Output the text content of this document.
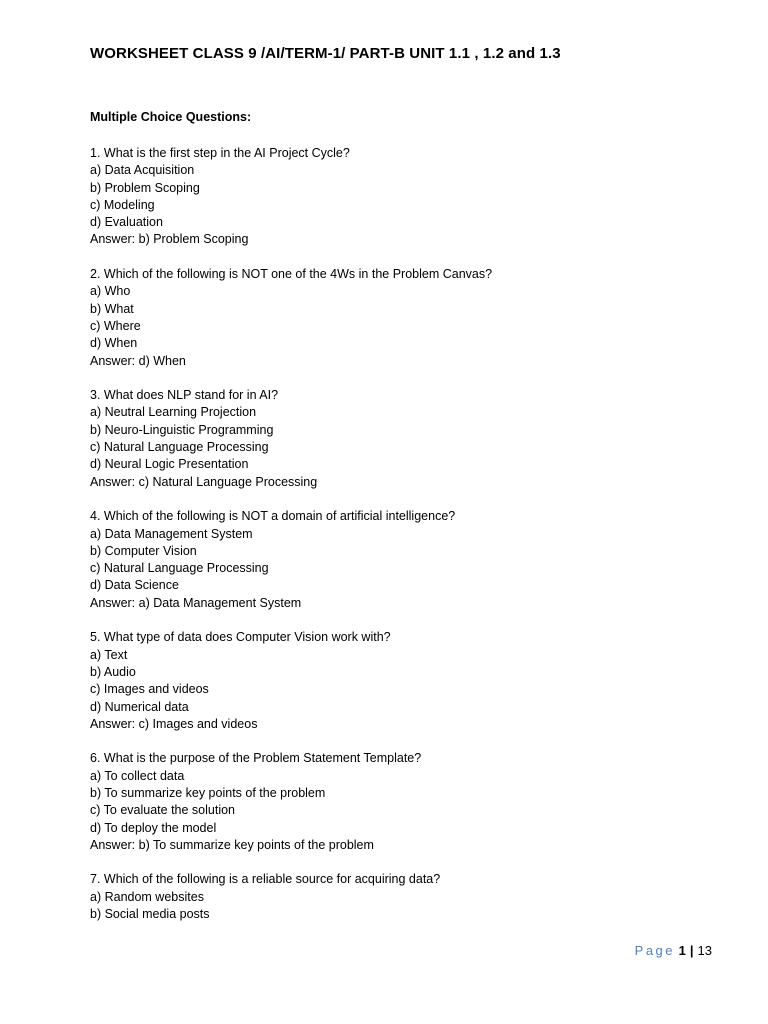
WORKSHEET CLASS 9 /AI/TERM-1/ PART-B UNIT 1.1 , 1.2 and 1.3
Multiple Choice Questions:
1. What is the first step in the AI Project Cycle?
a) Data Acquisition
b) Problem Scoping
c) Modeling
d) Evaluation
Answer: b) Problem Scoping
2. Which of the following is NOT one of the 4Ws in the Problem Canvas?
a) Who
b) What
c) Where
d) When
Answer: d) When
3. What does NLP stand for in AI?
a) Neutral Learning Projection
b) Neuro-Linguistic Programming
c) Natural Language Processing
d) Neural Logic Presentation
Answer: c) Natural Language Processing
4. Which of the following is NOT a domain of artificial intelligence?
a) Data Management System
b) Computer Vision
c) Natural Language Processing
d) Data Science
Answer: a) Data Management System
5. What type of data does Computer Vision work with?
a) Text
b) Audio
c) Images and videos
d) Numerical data
Answer: c) Images and videos
6. What is the purpose of the Problem Statement Template?
a) To collect data
b) To summarize key points of the problem
c) To evaluate the solution
d) To deploy the model
Answer: b) To summarize key points of the problem
7. Which of the following is a reliable source for acquiring data?
a) Random websites
b) Social media posts
Page 1 | 13
